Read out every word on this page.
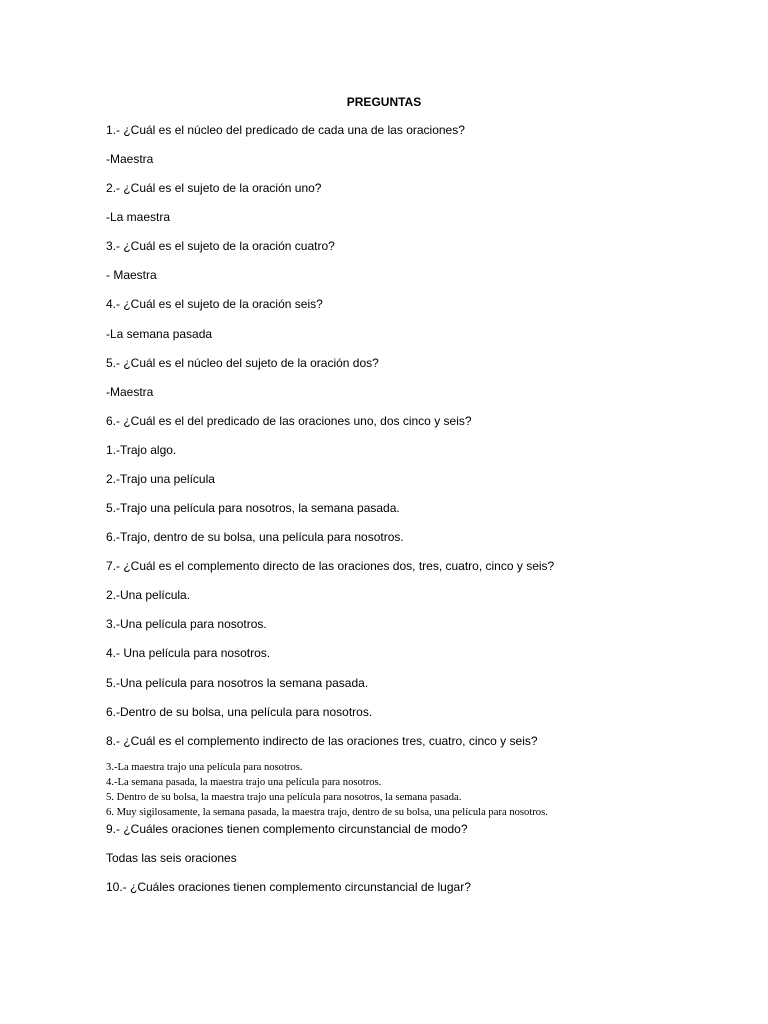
PREGUNTAS
1.- ¿Cuál es el núcleo del predicado de cada una de las oraciones?
-Maestra
2.- ¿Cuál es el sujeto de la oración uno?
-La maestra
3.- ¿Cuál es el sujeto de la oración cuatro?
- Maestra
4.- ¿Cuál es el sujeto de la oración seis?
-La semana pasada
5.- ¿Cuál es el núcleo del sujeto de la oración dos?
-Maestra
6.- ¿Cuál es el del predicado de las oraciones uno, dos cinco y seis?
1.-Trajo algo.
2.-Trajo una película
5.-Trajo una película para nosotros, la semana pasada.
6.-Trajo, dentro de su bolsa, una película para nosotros.
7.- ¿Cuál es el complemento directo de las oraciones dos, tres, cuatro, cinco y seis?
2.-Una película.
3.-Una película para nosotros.
4.- Una película para nosotros.
5.-Una película para nosotros la semana pasada.
6.-Dentro de su bolsa, una película para nosotros.
8.- ¿Cuál es el complemento indirecto de las oraciones tres, cuatro, cinco y seis?
3.-La maestra trajo una película para nosotros.
4.-La semana pasada, la maestra trajo una película para nosotros.
5. Dentro de su bolsa, la maestra trajo una película para nosotros, la semana pasada.
6. Muy sigilosamente, la semana pasada, la maestra trajo, dentro de su bolsa, una película para nosotros.
9.- ¿Cuáles oraciones tienen complemento circunstancial de modo?
Todas las seis oraciones
10.- ¿Cuáles oraciones tienen complemento circunstancial de lugar?
